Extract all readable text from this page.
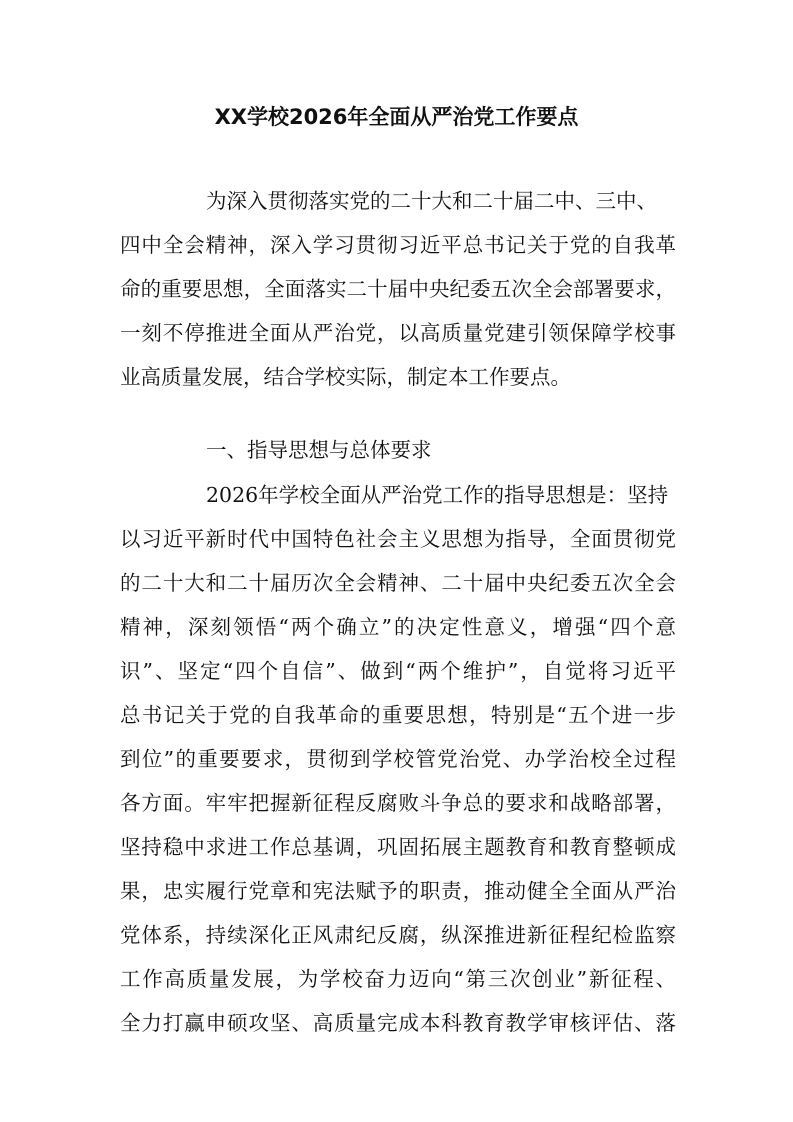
XX学校2026年全面从严治党工作要点

为深入贯彻落实党的二十大和二十届二中、三中、

四中全会精神，深入学习贯彻习近平总书记关于党的自我革

命的重要思想，全面落实二十届中央纪委五次全会部署要求，

一刻不停推进全面从严治党，以高质量党建引领保障学校事

业高质量发展，结合学校实际，制定本工作要点。

一、指导思想与总体要求

2026年学校全面从严治党工作的指导思想是：坚持

以习近平新时代中国特色社会主义思想为指导，全面贯彻党

的二十大和二十届历次全会精神、二十届中央纪委五次全会

精神，深刻领悟“两个确立”的决定性意义，增强“四个意

识”、坚定“四个自信”、做到“两个维护”，自觉将习近平

总书记关于党的自我革命的重要思想，特别是“五个进一步

到位”的重要要求，贯彻到学校管党治党、办学治校全过程

各方面。牢牢把握新征程反腐败斗争总的要求和战略部署，

坚持稳中求进工作总基调，巩固拓展主题教育和教育整顿成

果，忠实履行党章和宪法赋予的职责，推动健全全面从严治

党体系，持续深化正风肃纪反腐，纵深推进新征程纪检监察

工作高质量发展，为学校奋力迈向“第三次创业”新征程、

全力打赢申硕攻坚、高质量完成本科教育教学审核评估、落
